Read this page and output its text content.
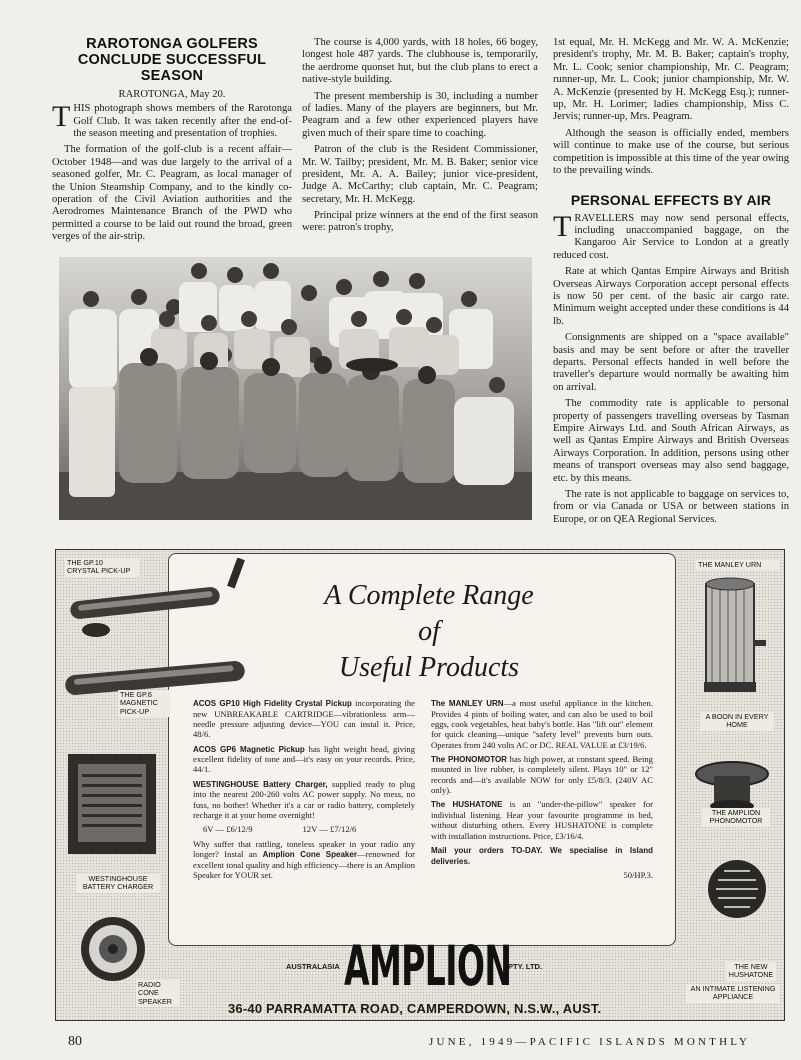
RAROTONGA GOLFERS CONCLUDE SUCCESSFUL SEASON
RAROTONGA, May 20.

THIS photograph shows members of the Rarotonga Golf Club. It was taken recently after the end-of-the season meeting and presentation of trophies.

The formation of the golf-club is a recent affair—October 1948—and was due largely to the arrival of a seasoned golfer, Mr. C. Peagram, as local manager of the Union Steamship Company, and to the kindly co-operation of the Civil Aviation authorities and the Aerodromes Maintenance Branch of the PWD who permitted a course to be laid out round the broad, green verges of the air-strip.

The course is 4,000 yards, with 18 holes, 66 bogey, longest hole 487 yards. The clubhouse is, temporarily, the aerdrome quonset hut, but the club plans to erect a native-style building.

The present membership is 30, including a number of ladies. Many of the players are beginners, but Mr. Peagram and a few other experienced players have given much of their spare time to coaching.

Patron of the club is the Resident Commissioner, Mr. W. Tailby; president, Mr. M. B. Baker; senior vice president, Mr. A. A. Bailey; junior vice-president, Judge A. McCarthy; club captain, Mr. C. Peagram; secretary, Mr. H. McKegg.

Principal prize winners at the end of the first season were: patron's trophy,

1st equal, Mr. H. McKegg and Mr. W. A. McKenzie; president's trophy, Mr. M. B. Baker; captain's trophy, Mr. L. Cook; senior championship, Mr. C. Peagram; runner-up, Mr. L. Cook; junior championship, Mr. W. A. McKenzie (presented by H. McKegg Esq.); runner-up, Mr. H. Lorimer; ladies championship, Miss C. Jervis; runner-up, Mrs. Peagram.

Although the season is officially ended, members will continue to make use of the course, but serious competition is impossible at this time of the year owing to the prevailing winds.

PERSONAL EFFECTS BY AIR

TRAVELLERS may now send personal effects, including unaccompanied baggage, on the Kangaroo Air Service to London at a greatly reduced cost.

Rate at which Qantas Empire Airways and British Overseas Airways Corporation accept personal effects is now 50 per cent. of the basic air cargo rate. Minimum weight accepted under these conditions is 44 lb.

Consignments are shipped on a "space available" basis and may be sent before or after the traveller departs. Personal effects handed in well before the traveller's departure would normally be awaiting him on arrival.

The commodity rate is applicable to personal property of passengers travelling overseas by Tasman Empire Airways Ltd. and South African Airways, as well as Qantas Empire Airways and British Overseas Airways Corporation. In addition, persons using other means of transport overseas may also send baggage, etc. by this means.

The rate is not applicable to baggage on services to, from or via Canada or USA or between stations in Europe, or on QEA Regional Services.

A Complete Range
of
Useful Products

ACOS GP10 High Fidelity Crystal Pickup incorporating the new UNBREAKABLE CARTRIDGE—vibrationless arm—needle pressure adjusting device—YOU can instal it. Price, 48/6.

ACOS GP6 Magnetic Pickup has light weight head, giving excellent fidelity of tone and—it's easy on your records. Price, 44/1.

WESTINGHOUSE Battery Charger, supplied ready to plug into the nearest 200-260 volts AC power supply. No mess, no fuss, no bother! Whether it's a car or radio battery, completely recharge it at your home overnight!

6V — £6/12/9	12V — £7/12/6

Why suffer that rattling, toneless speaker in your radio any longer? Instal an Amplion Cone Speaker—renowned for excellent tonal quality and high efficiency—there is an Amplion Speaker for YOUR set.

The MANLEY URN—a most useful appliance in the kitchen. Provides 4 pints of boiling water, and can also be used to boil eggs, cook vegetables, heat baby's bottle. Has "lift out" element for quick cleaning—unique "safety level" prevents burn outs. Operates from 240 volts AC or DC. REAL VALUE at £3/19/6.

The PHONOMOTOR has high power, at constant speed. Being mounted in live rubber, is completely silent. Plays 10" or 12" records and—it's available NOW for only £5/8/3. (240V AC only).

The HUSHATONE is an "under-the-pillow" speaker for individual listening. Hear your favourite programme in bed, without disturbing others. Every HUSHATONE is complete with installation instructions. Price, £3/16/4.

Mail your orders TO-DAY. We specialise in Island deliveries.

50/HP.3.

THE GP.10 CRYSTAL PICK-UP
THE GP.6 MAGNETIC PICK-UP
WESTINGHOUSE BATTERY CHARGER
RADIO CONE SPEAKER
THE MANLEY URN
A BOON IN EVERY HOME
THE AMPLION PHONOMOTOR
THE NEW HUSHATONE
AN INTIMATE LISTENING APPLIANCE
AUSTRALASIA	PTY. LTD.
36-40 PARRAMATTA ROAD, CAMPERDOWN, N.S.W., AUST.
AMPLION
80	JUNE, 1949—PACIFIC ISLANDS MONTHLY
